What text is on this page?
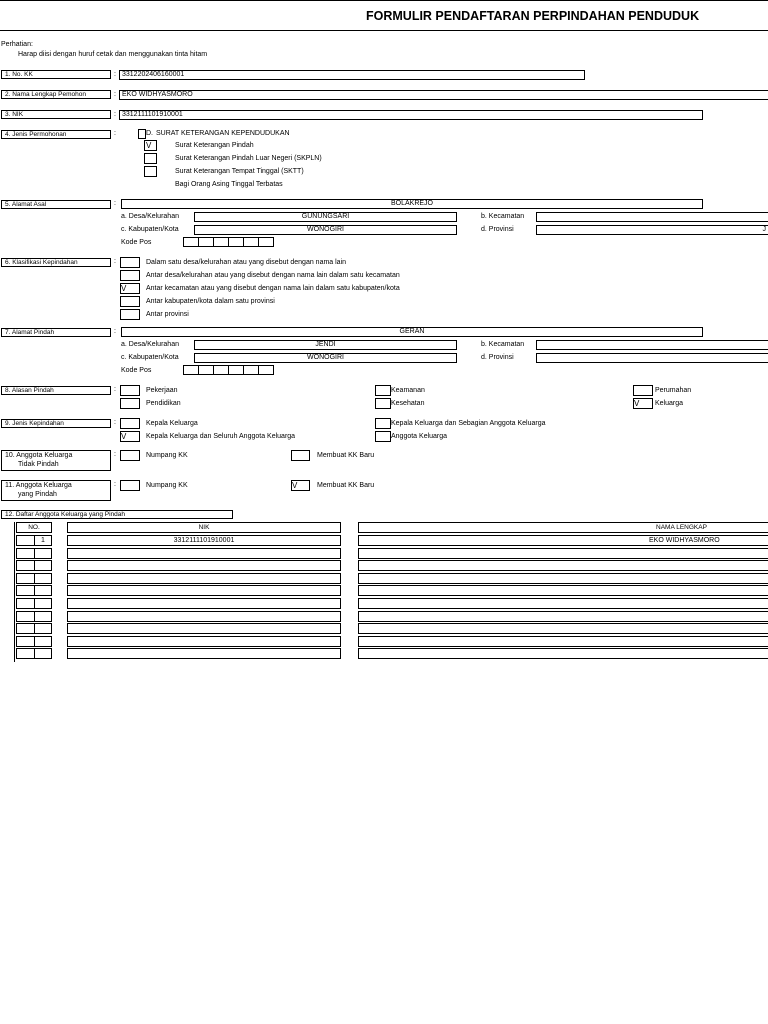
FORMULIR PENDAFTARAN PERPINDAHAN PENDUDUK
Perhatian:
Harap diisi dengan huruf cetak dan menggunakan tinta hitam
1. No. KK	: 3312202406160001
2. Nama Lengkap Pemohon	: EKO WIDHYASMORO
3. NIK	: 3312111101910001
4. Jenis Permohonan	:	D. SURAT KETERANGAN KEPENDUDUKAN
V	Surat Keterangan Pindah
Surat Keterangan Pindah Luar Negeri (SKPLN)
Surat Keterangan Tempat Tinggal (SKTT)
Bagi Orang Asing Tinggal Terbatas
5. Alamat Asal	:	BOLAKREJO
a. Desa/Kelurahan	GUNUNGSARI	b. Kecamatan
c. Kabupaten/Kota	WONOGIRI	d. Provinsi	J
Kode Pos
6. Klasifikasi Kepindahan	:	Dalam satu desa/kelurahan atau yang disebut dengan nama lain
Antar desa/kelurahan atau yang disebut dengan nama lain dalam satu kecamatan
V	Antar kecamatan atau yang disebut dengan nama lain dalam satu kabupaten/kota
Antar kabupaten/kota dalam satu provinsi
Antar provinsi
7. Alamat Pindah	:	GERAN
a. Desa/Kelurahan	JENDI	b. Kecamatan
c. Kabupaten/Kota	WONOGIRI	d. Provinsi
Kode Pos
8. Alasan Pindah	:	Pekerjaan	Keamanan	Perumahan
Pendidikan	Kesehatan	V	Keluarga
9. Jenis Kepindahan	:	Kepala Keluarga	Kepala Keluarga dan Sebagian Anggota Keluarga
V	Kepala Keluarga dan Seluruh Anggota Keluarga	Anggota Keluarga
10. Anggota Keluarga
Tidak Pindah
:	Numpang KK	Membuat KK Baru
11. Anggota Keluarga
yang Pindah
:	Numpang KK	V	Membuat KK Baru
12. Daftar Anggota Keluarga yang Pindah
NO.	NIK	NAMA LENGKAP
1	3312111101910001	EKO WIDHYASMORO
